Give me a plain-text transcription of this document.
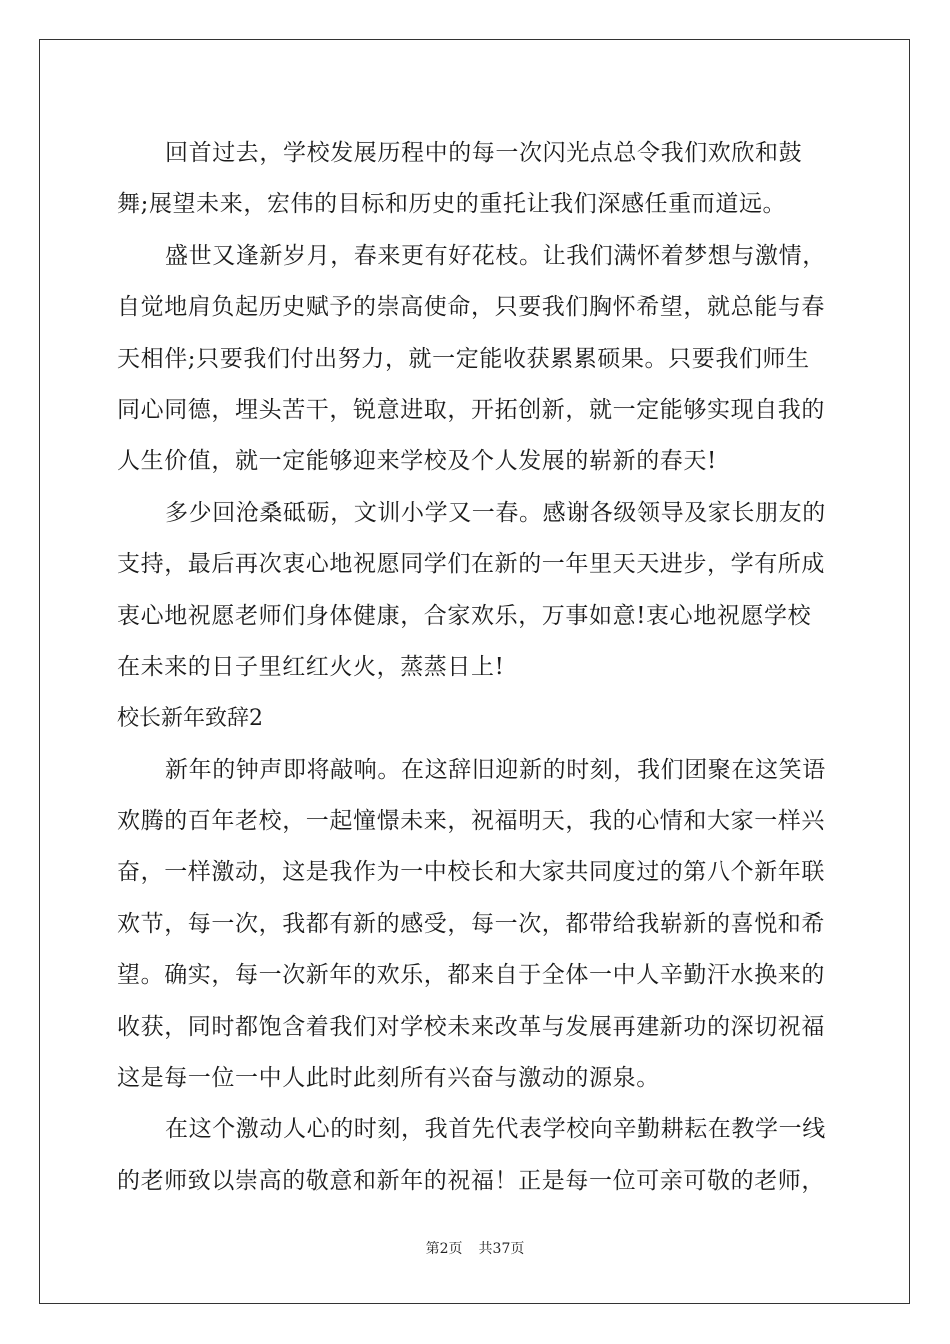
回首过去，学校发展历程中的每一次闪光点总令我们欢欣和鼓
舞;展望未来，宏伟的目标和历史的重托让我们深感任重而道远。
盛世又逢新岁月，春来更有好花枝。让我们满怀着梦想与激情，
自觉地肩负起历史赋予的崇高使命，只要我们胸怀希望，就总能与春
天相伴;只要我们付出努力，就一定能收获累累硕果。只要我们师生
同心同德，埋头苦干，锐意进取，开拓创新，就一定能够实现自我的
人生价值，就一定能够迎来学校及个人发展的崭新的春天!
多少回沧桑砥砺，文训小学又一春。感谢各级领导及家长朋友的
支持，最后再次衷心地祝愿同学们在新的一年里天天进步，学有所成
衷心地祝愿老师们身体健康，合家欢乐，万事如意!衷心地祝愿学校
在未来的日子里红红火火，蒸蒸日上!
校长新年致辞2
新年的钟声即将敲响。在这辞旧迎新的时刻，我们团聚在这笑语
欢腾的百年老校，一起憧憬未来，祝福明天，我的心情和大家一样兴
奋，一样激动，这是我作为一中校长和大家共同度过的第八个新年联
欢节，每一次，我都有新的感受，每一次，都带给我崭新的喜悦和希
望。确实，每一次新年的欢乐，都来自于全体一中人辛勤汗水换来的
收获，同时都饱含着我们对学校未来改革与发展再建新功的深切祝福
这是每一位一中人此时此刻所有兴奋与激动的源泉。
在这个激动人心的时刻，我首先代表学校向辛勤耕耘在教学一线
的老师致以崇高的敬意和新年的祝福！正是每一位可亲可敬的老师，
第2页 共37页
